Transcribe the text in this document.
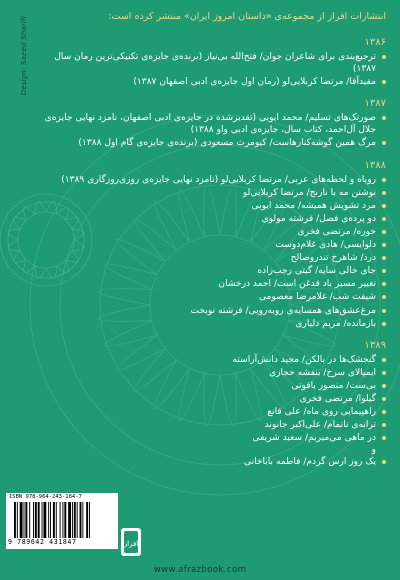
Design: Saeed Sharifi	انتشارات افراز از مجموعه‌ی «داستان امروز ایران» منتشر کرده است:

۱۳۸۶
ترجیع‌بندی برای شاعران جوان/ فتح‌الله بی‌نیاز (برنده‌ی جایزه‌ی تکنیکی‌ترین رمان سال ۱۳۸۷)
مفیدآقا/ مرتضا کربلایی‌لو (رمان اول جایزه‌ی ادبی اصفهان ۱۳۸۷)
۱۳۸۷
صورتک‌های تسلیم/ محمد ایوبی (تقدیرشده در جایزه‌ی ادبی اصفهان، نامزد نهایی جایزه‌ی جلال آل‌احمد، کتاب سال، جایزه‌ی ادبی واو ۱۳۸۸)
مرگ همین گوشه‌کنارهاست/ کیومرث مسعودی (برنده‌ی جایزه‌ی گام اول ۱۳۸۸)
۱۳۸۸
رویاه و لحظه‌های عربی/ مرتضا کربلایی‌لو (نامزد نهایی جایزه‌ی روزی‌روزگاری ۱۳۸۹)
نوشتن مه با نارنج/ مرتضا کربلایی‌لو
مرد تشویش همیشه/ محمد ایوبی
دو پرده‌ی فصل/ فرشته مولوی
خوره/ مرتضی فخری
دلوایسی/ هادی غلام‌دوست
درد/ شاهرخ تندروصالح
جای خالی سایه/ گیتی رجب‌زاده
تغییر مسیر باد قدغن است/ احمد درخشان
شیفت شب/ غلامرضا معصومی
مرغ‌عشق‌های همسایه‌ی روبه‌رویی/ فرشته نوبخت
بازمانده/ مریم دلیاری
۱۳۸۹
گنجشک‌ها در بالکن/ مجید دانش‌آراسته
ایمپالای سرخ/ بنفشه حجازی
بی‌ست/ منصور یاقوتی
گیلوا/ مرتضی فخری
راهپیمایی روی ماه/ علی قانع
ترانه‌ی ناتمام/ علی‌اکبر جانوند
در ماهی می‌میریم/ سعید شریفی
و
یک روز ارس گردم/ فاطمه باباخانی
ISBN 978-964-243-184-7
9 789642 431847	افراز
www.afrazbook.com
